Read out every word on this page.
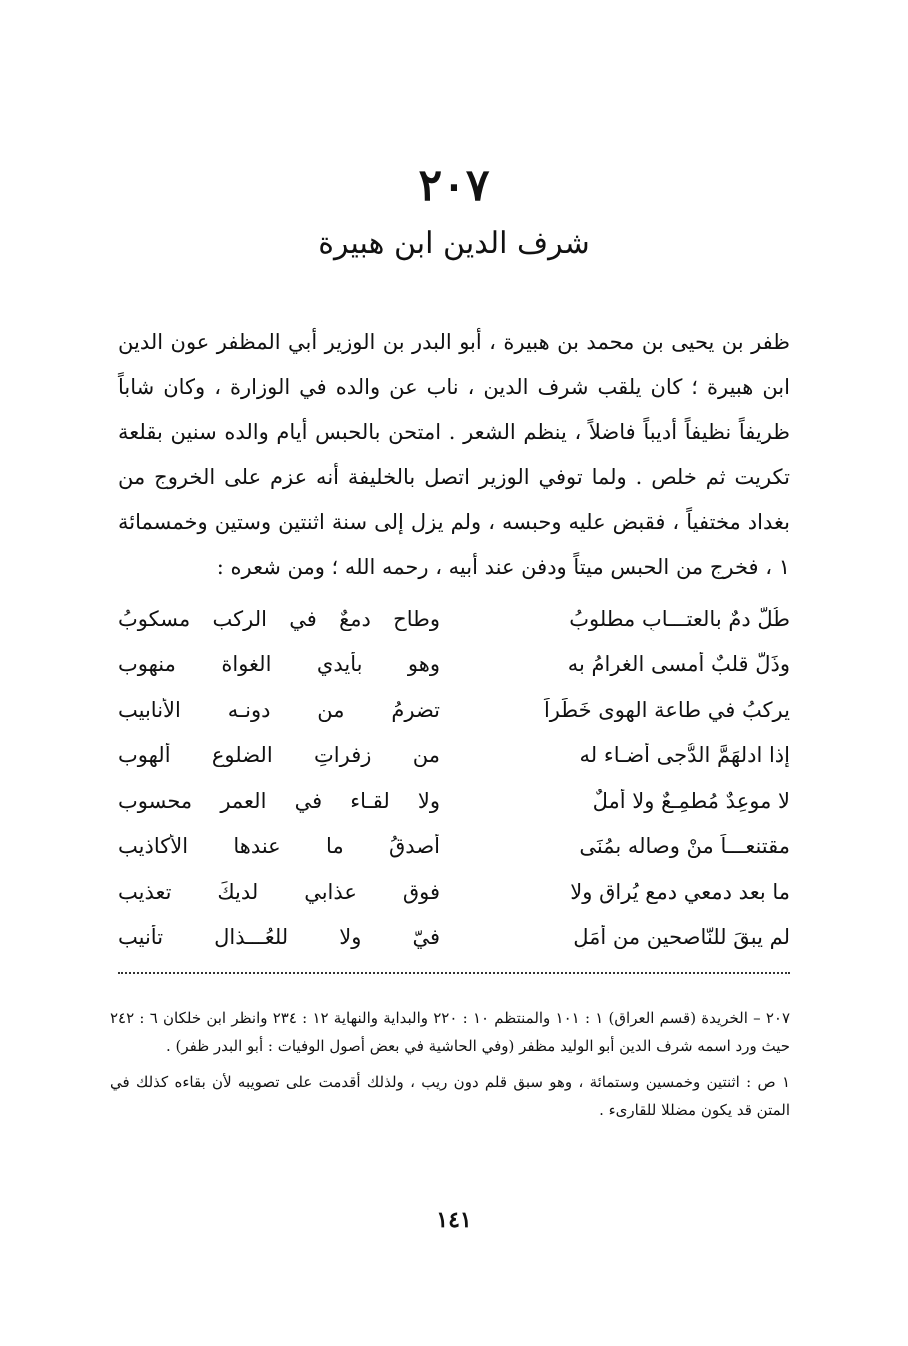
٢٠٧
شرف الدين ابن هبيرة

ظفر بن يحيى بن محمد بن هبيرة ، أبو البدر بن الوزير أبي المظفر عون الدين ابن هبيرة ؛ كان يلقب شرف الدين ، ناب عن والده في الوزارة ، وكان شاباً ظريفاً نظيفاً أديباً فاضلاً ، ينظم الشعر . امتحن بالحبس أيام والده سنين بقلعة تكريت ثم خلص . ولما توفي الوزير اتصل بالخليفة أنه عزم على الخروج من بغداد مختفياً ، فقبض عليه وحبسه ، ولم يزل إلى سنة اثنتين وستين وخمسمائة ١ ، فخرج من الحبس ميتاً ودفن عند أبيه ، رحمه الله ؛ ومن شعره :

طُلَّ دمٌ بالعتـــابِ مطلوبُ
وطاح دمعٌ في الركب مسكوبُ
وذَلَّ قلبٌ أمسى الغرامُ به
وهو بأيدي الغواة منهوب
يركبُ في طاعة الهوى خَطَراً
تضرمُ من دونـه الأنابيب
إذا ادلهَمَّ الدُّجى أضـاء له
من زفراتِ الضلوع ألهوب
لا موعِدٌ مُطمِـعٌ ولا أملٌ
ولا لقـاء في العمر محسوب
مقتنعـــاً منْ وصاله بمُنَى
أصدقُ ما عندها الأكاذيب
ما بعد دمعي دمع يُراق ولا
فوق عذابي لديكَ تعذيب
لم يبقَ للنّاصحين من أمَلٍ
فيّ ولا للعُـــذالِ تأنيب

٢٠٧ – الخريدة (قسم العراق) ١ : ١٠١ والمنتظم ١٠ : ٢٢٠ والبداية والنهاية ١٢ : ٢٣٤ وانظر ابن خلكان ٦ : ٢٤٢ حيث ورد اسمه شرف الدين أبو الوليد مظفر (وفي الحاشية في بعض أصول الوفيات : أبو البدر ظفر) .

١ ص : اثنتين وخمسين وستمائة ، وهو سبق قلم دون ريب ، ولذلك أقدمت على تصويبه لأن بقاءه كذلك في المتن قد يكون مضللا للقارىء .

١٤١
